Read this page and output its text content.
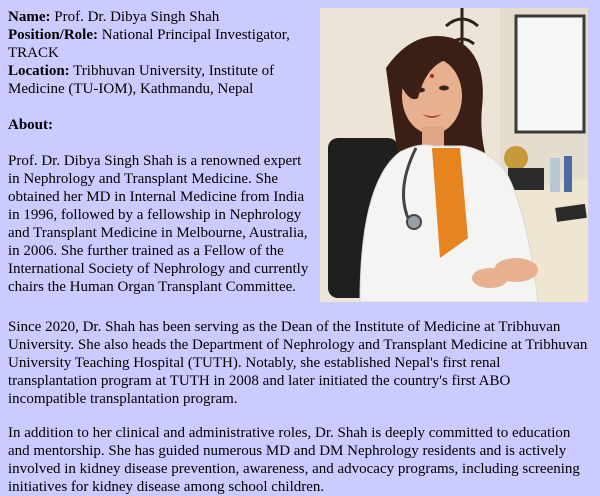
Name: Prof. Dr. Dibya Singh Shah

Position/Role: National Principal Investigator, TRACK

Location: Tribhuvan University, Institute of Medicine (TU-IOM), Kathmandu, Nepal

About:

Prof. Dr. Dibya Singh Shah is a renowned expert in Nephrology and Transplant Medicine. She obtained her MD in Internal Medicine from India in 1996, followed by a fellowship in Nephrology and Transplant Medicine in Melbourne, Australia, in 2006. She further trained as a Fellow of the International Society of Nephrology and currently chairs the Human Organ Transplant Committee.

Since 2020, Dr. Shah has been serving as the Dean of the Institute of Medicine at Tribhuvan University. She also heads the Department of Nephrology and Transplant Medicine at Tribhuvan University Teaching Hospital (TUTH). Notably, she established Nepal's first renal transplantation program at TUTH in 2008 and later initiated the country's first ABO incompatible transplantation program.

In addition to her clinical and administrative roles, Dr. Shah is deeply committed to education and mentorship. She has guided numerous MD and DM Nephrology residents and is actively involved in kidney disease prevention, awareness, and advocacy programs, including screening initiatives for kidney disease among school children.
